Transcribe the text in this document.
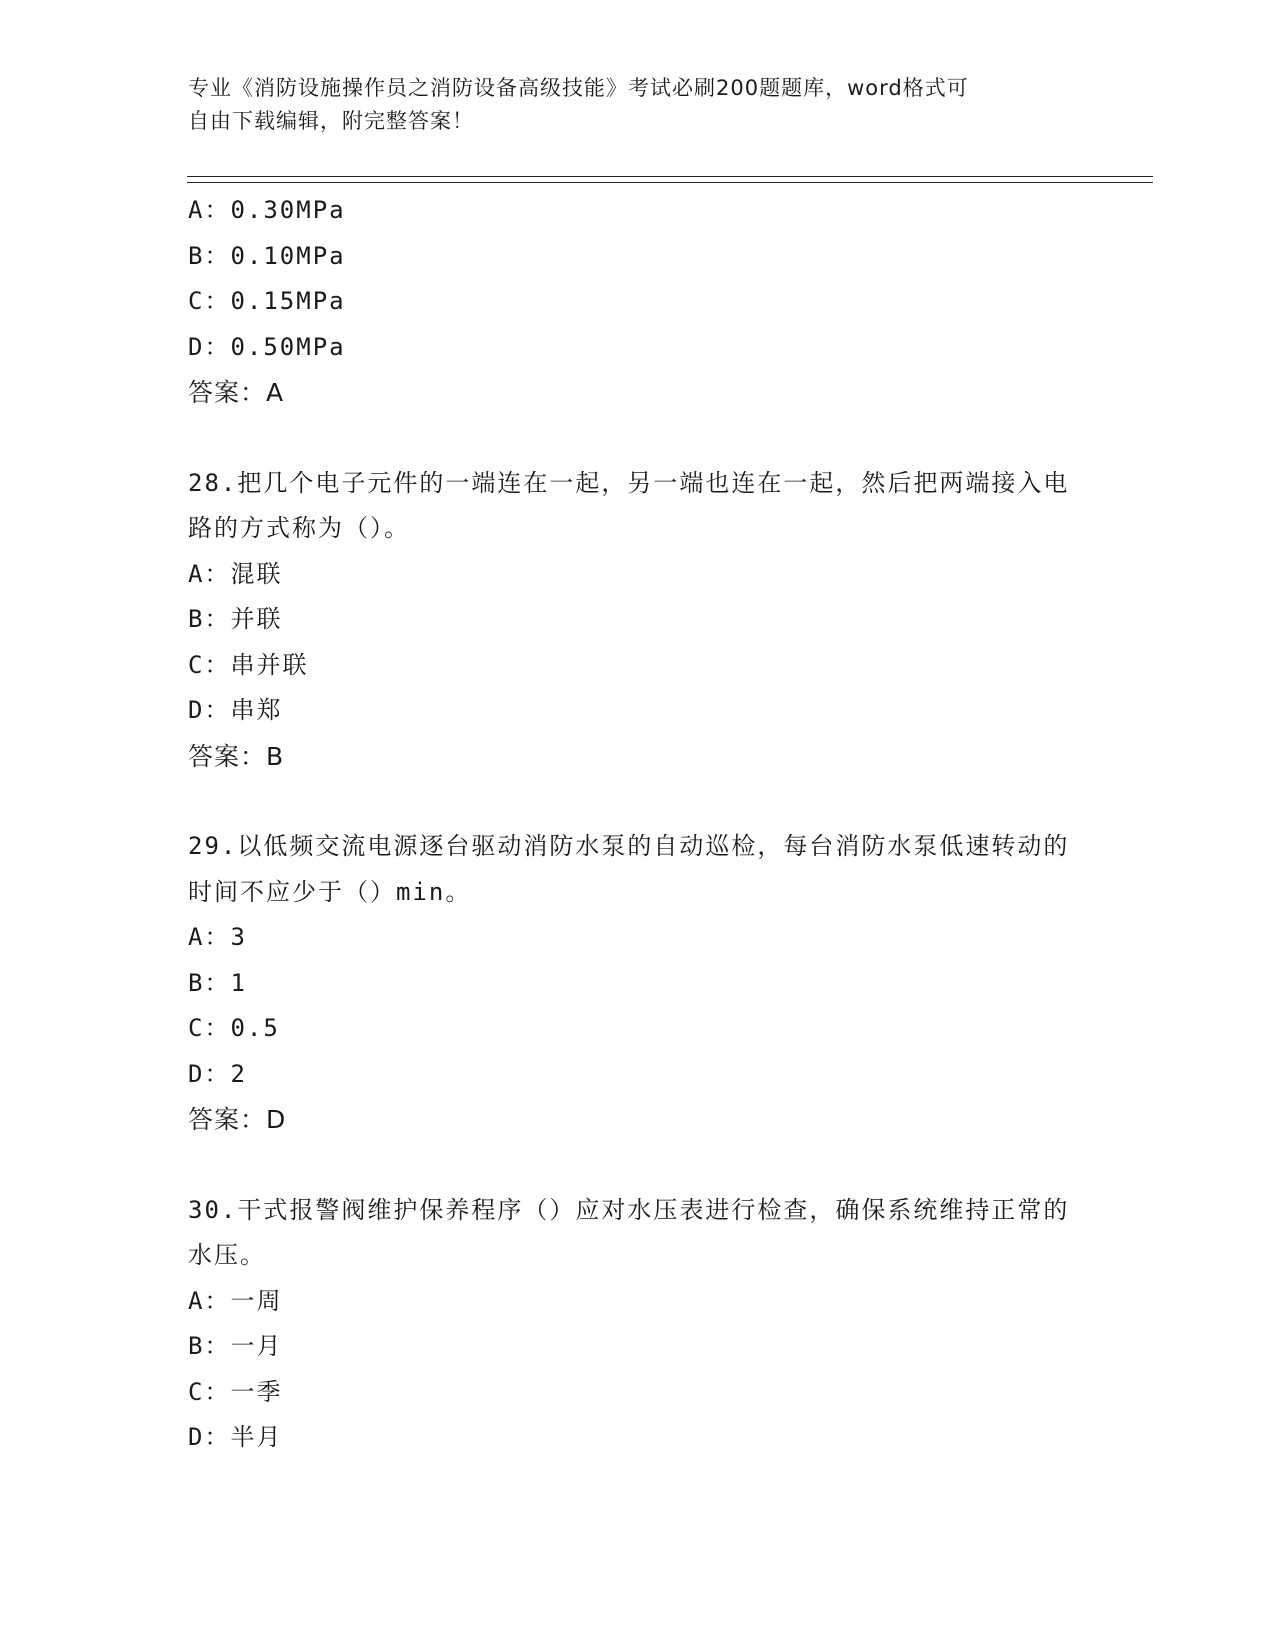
专业《消防设施操作员之消防设备高级技能》考试必刷200题题库，word格式可
自由下载编辑，附完整答案！
A：0.30MPa
B：0.10MPa
C：0.15MPa
D：0.50MPa
答案：A
28.把几个电子元件的一端连在一起，另一端也连在一起，然后把两端接入电路的方式称为（）。
A：混联
B：并联
C：串并联
D：串郑
答案：B
29.以低频交流电源逐台驱动消防水泵的自动巡检，每台消防水泵低速转动的时间不应少于（）min。
A：3
B：1
C：0.5
D：2
答案：D
30.干式报警阀维护保养程序（）应对水压表进行检查，确保系统维持正常的水压。
A：一周
B：一月
C：一季
D：半月
